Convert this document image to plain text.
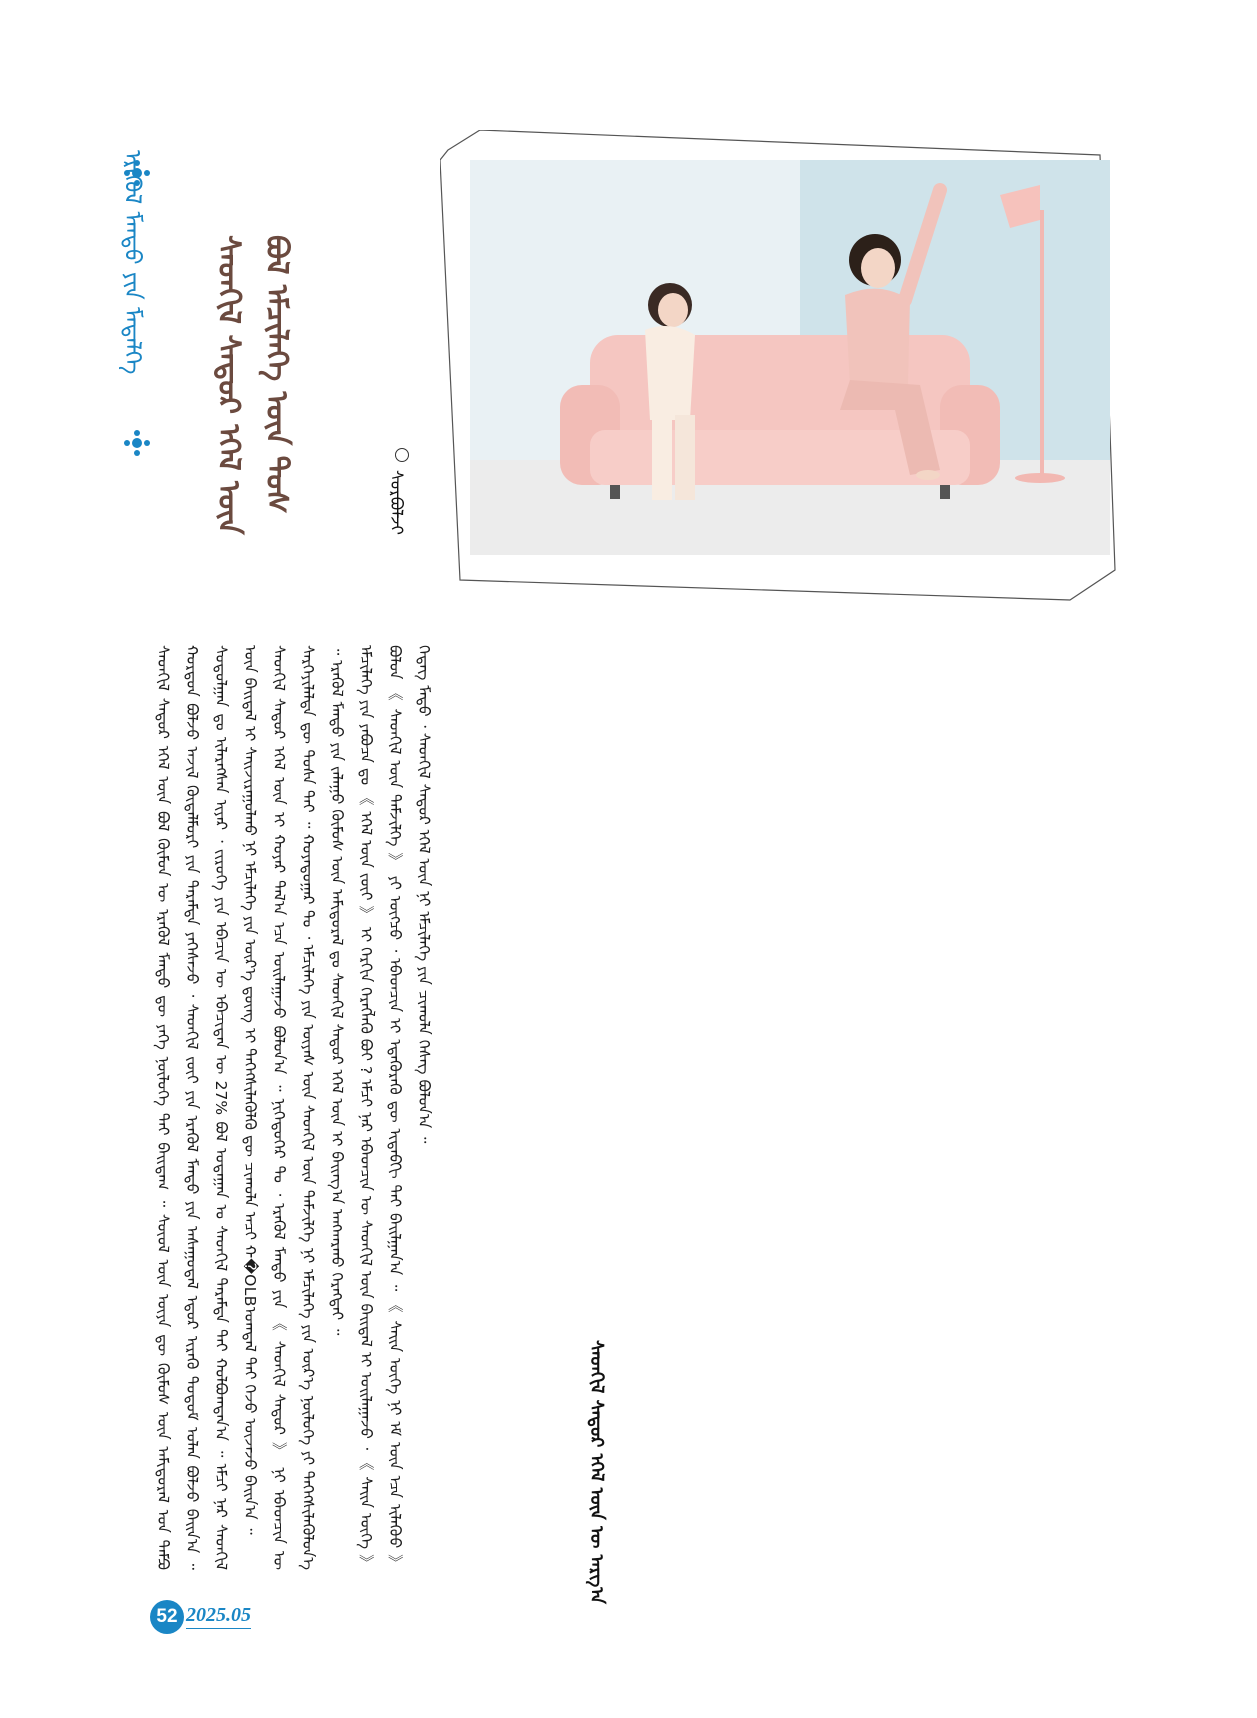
ᠡᠷᠡᠭᠦᠯ ᠮᠡᠨᠳᠦ ᠶᠢᠨ ᠮᠡᠳᠡᠯᠭᠡ	ᠰᠡᠳᠬᠢᠯ ᠰᠠᠳᠤᠷ ᠡᠭᠡᠯ ᠦᠨ ᠪᠣᠯ ᠡᠮᠴᠢᠯᠡᠭᠡ ᠦᠨ ᠲᠤᠰ	ᠰᠤᠷᠪᠤᠯᠵᠢ

ᠰᠡᠳᠬᠢᠯ ᠰᠠᠳᠤᠷ ᠡᠭᠡᠯ ᠦᠨ ᠪᠣᠯ ᠬᠦᠮᠦᠨ ᠦ ᠡᠷᠡᠭᠦᠯ ᠮᠡᠨᠳᠦ ᠳᠦ ᠶᠡᠬᠡ ᠨᠥᠯᠦᠭᠡ ᠲᠡᠢ ᠪᠠᠢᠳᠠᠭ ᠃ ᠰᠦᠦᠯ ᠦᠨ ᠦᠶᠡ ᠳᠦ ᠬᠦᠮᠦᠰ ᠦᠨ ᠠᠮᠢᠳᠤᠷᠠᠯ ᠤᠨ ᠲᠡᠮᠫᠤ ᠬᠤᠷᠳᠤᠨ ᠪᠣᠯᠵᠤ ᠠᠵᠢᠯ ᠬᠥᠳᠡᠯᠮᠦᠷᠢ ᠶᠢᠨ ᠳᠠᠷᠠᠮᠲᠠ ᠶᠡᠬᠡᠰᠡᠵᠦ ᠂ ᠰᠡᠳᠬᠢᠯ ᠵᠦᠢ ᠶᠢᠨ ᠡᠷᠡᠭᠦᠯ ᠮᠡᠨᠳᠦ ᠶᠢᠨ ᠠᠰᠠᠭᠤᠳᠠᠯ ᠡᠳᠦᠷ ᠢᠷᠡᠬᠦ ᠲᠤᠲᠤᠮ ᠣᠯᠠᠨ ᠪᠣᠯᠵᠤ ᠪᠠᠢᠨ᠎ᠠ ᠃ ᠰᠤᠳᠤᠯᠭᠠᠨ ᠳᠤ ᠢᠯᠡᠷᠡᠭᠰᠡᠨ ᠢᠶᠡᠷ ᠂ ᠵᠢᠷᠤᠭᠡ ᠶᠢᠨ ᠡᠪᠡᠴᠢᠨ ᠦ ᠡᠪᠡᠴᠢᠲᠡᠨ ᠦ 27% ᠪᠣᠯ ᠤᠳᠠᠭᠠᠨ ᠤ ᠰᠡᠳᠬᠢᠯ ᠳᠠᠷᠠᠮᠲᠠ ᠲᠠᠢ ᠬᠣᠯᠪᠣᠭᠳᠠᠨ᠎ᠠ ᠃ ᠡᠮᠴᠢ ᠨᠠᠷ ᠰᠡᠳᠬᠢᠯ ᠦᠨ ᠪᠠᠢᠳᠠᠯ ᠢ ᠰᠠᠢᠵᠢᠷᠠᠭᠤᠯᠬᠤ ᠨᠢ ᠡᠮᠴᠢᠯᠡᠭᠡ ᠶᠢᠨ ᠦᠷ᠎ᠡ ᠳ᠋ᠦᠩ ᠢ ᠳᠡᠭᠡᠭᠰᠢᠯᠡᠭᠦᠯᠬᠦ ᠳᠦ ᠴᠢᠬᠤᠯᠠ ᠠᠴᠢ ᠬ�OLBᠣᠭᠳᠠᠯ ᠲᠠᠢ ᠭᠡᠵᠦ ᠦᠵᠡᠵᠦ ᠪᠠᠢᠨ᠎ᠠ ᠃ ᠰᠡᠳᠬᠢᠯ ᠰᠠᠳᠤᠷ ᠡᠭᠡᠯ ᠦᠨ ᠢ ᠬᠣᠶᠠᠷ ᠲᠠᠯ᠎ᠠ ᠡᠴᠡ ᠣᠢᠯᠠᠭᠠᠵᠤ ᠪᠣᠯᠣᠨ᠎ᠠ ᠃ ᠨᠢᠭᠡᠳᠦᠭᠡᠷ ᠲᠤ ᠂ ᠡᠷᠡᠭᠦᠯ ᠮᠡᠨᠳᠦ ᠶᠢᠨ 《 ᠰᠡᠳᠬᠢᠯ ᠰᠠᠳᠤᠷ 》 ᠨᠢ ᠡᠪᠡᠳᠴᠢᠨ ᠦ ᠰᠡᠷᠭᠡᠶᠢᠯᠡᠯᠲᠡ ᠳᠦ ᠲᠤᠰᠠ ᠲᠠᠢ ᠃ ᠬᠣᠶᠠᠳᠤᠭᠠᠷ ᠲᠤ ᠂ ᠡᠮᠴᠢᠯᠡᠭᠡ ᠶᠢᠨ ᠦᠶᠡᠰ ᠦᠨ ᠰᠡᠳᠬᠢᠯ ᠦᠨ ᠳᠡᠮᠵᠢᠯᠭᠡ ᠨᠢ ᠡᠮᠴᠢᠯᠡᠭᠡ ᠶᠢᠨ ᠦᠷ᠎ᠡ ᠨᠥᠯᠦᠭᠡ ᠶᠢ ᠳᠡᠭᠡᠭᠰᠢᠯᠡᠭᠦᠯᠦᠨ᠎ᠡ ᠃ ᠡᠷᠡᠭᠦᠯ ᠮᠡᠨᠳᠦ ᠶᠢᠨ ᠵᠠᠯᠠᠭᠤ ᠬᠦᠮᠦᠰ ᠦᠨ ᠠᠮᠢᠳᠤᠷᠠᠯ ᠳᠤ ᠰᠡᠳᠬᠢᠯ ᠰᠠᠳᠤᠷ ᠡᠭᠡᠯ ᠦᠨ ᠢ ᠪᠠᠢᠨᠭ᠎ᠠ ᠠᠩᠬᠠᠷᠬᠤ ᠬᠡᠷᠡᠭᠲᠡᠢ ᠃ ᠡᠮᠴᠢᠯᠡᠭᠡ ᠶᠢᠨ ᠶᠠᠪᠤᠴᠠ ᠳᠤ 《 ᠡᠭᠡᠯ ᠦᠨ ᠵᠦᠢ 》 ᠢ ᠬᠡᠷᠬᠢᠨ ᠬᠡᠷᠡᠭᠯᠡᠬᠦ ᠪᠤᠢ ? ᠡᠮᠴᠢ ᠨᠠᠷ ᠡᠪᠡᠳᠴᠢᠨ ᠦ ᠰᠡᠳᠬᠢᠯ ᠦᠨ ᠪᠠᠢᠳᠠᠯ ᠢ ᠣᠢᠯᠠᠭᠠᠵᠤ ᠂ 《 ᠰᠠᠢᠨ ᠦᠭᠡ 》 ᠪᠣᠯᠣᠨ 《 ᠰᠡᠳᠬᠢᠯ ᠦᠨ ᠳᠡᠮᠵᠢᠯᠭᠡ 》 ᠶᠢ ᠥᠭᠴᠦ ᠂ ᠡᠪᠡᠳᠴᠢᠨ ᠢ ᠡᠳᠡᠭᠦᠷᠡᠬᠦ ᠳᠦ ᠢᠳᠡᠪᠬᠢ ᠲᠠᠢ ᠪᠠᠢᠯᠭᠠᠨ᠎ᠠ ᠃ 《 ᠰᠠᠢᠨ ᠦᠭᠡ ᠨᠢ ᠡᠮ ᠦᠨ ᠡᠴᠡ ᠢᠯᠡᠭᠦᠦ 》 ᠭᠡᠳᠡᠭ ᠮᠡᠲᠦ ᠂ ᠰᠡᠳᠬᠢᠯ ᠰᠠᠳᠤᠷ ᠡᠭᠡᠯ ᠦᠨ ᠨᠢ ᠡᠮᠴᠢᠯᠡᠭᠡ ᠶᠢᠨ ᠴᠢᠬᠤᠯᠠ ᠬᠡᠰᠡᠭ ᠪᠣᠯᠣᠨ᠎ᠠ ᠃

ᠰᠡᠳᠬᠢᠯ ᠰᠠᠳᠤᠷ ᠡᠭᠡᠯ ᠦᠨ ᠦ ᠠᠷᠭ᠎ᠠ
52 2025.05
